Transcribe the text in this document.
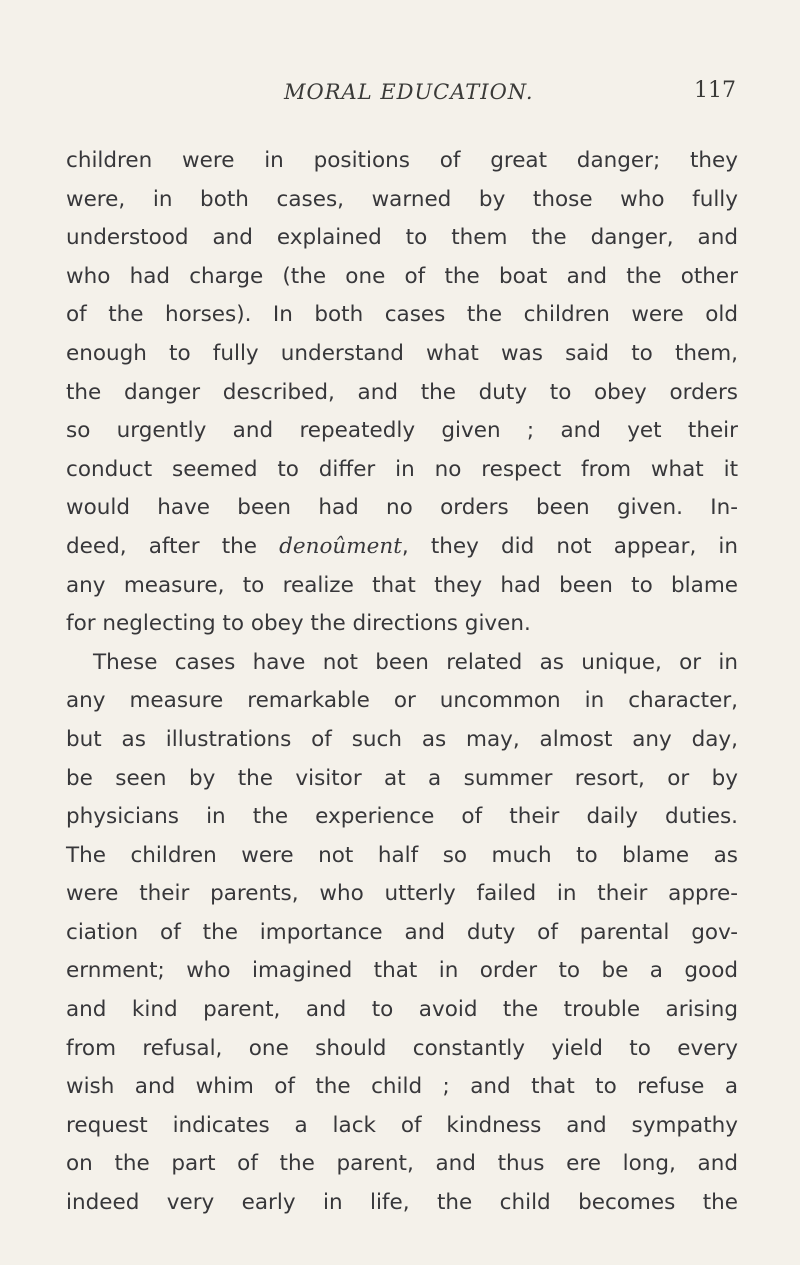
MORAL EDUCATION.	117
children were in positions of great danger; they
were, in both cases, warned by those who fully
understood and explained to them the danger, and
who had charge (the one of the boat and the other
of the horses). In both cases the children were old
enough to fully understand what was said to them,
the danger described, and the duty to obey orders
so urgently and repeatedly given ; and yet their
conduct seemed to differ in no respect from what it
would have been had no orders been given. In-
deed, after the denoûment, they did not appear, in
any measure, to realize that they had been to blame
for neglecting to obey the directions given.
These cases have not been related as unique, or in
any measure remarkable or uncommon in character,
but as illustrations of such as may, almost any day,
be seen by the visitor at a summer resort, or by
physicians in the experience of their daily duties.
The children were not half so much to blame as
were their parents, who utterly failed in their appre-
ciation of the importance and duty of parental gov-
ernment; who imagined that in order to be a good
and kind parent, and to avoid the trouble arising
from refusal, one should constantly yield to every
wish and whim of the child ; and that to refuse a
request indicates a lack of kindness and sympathy
on the part of the parent, and thus ere long, and
indeed very early in life, the child becomes the
